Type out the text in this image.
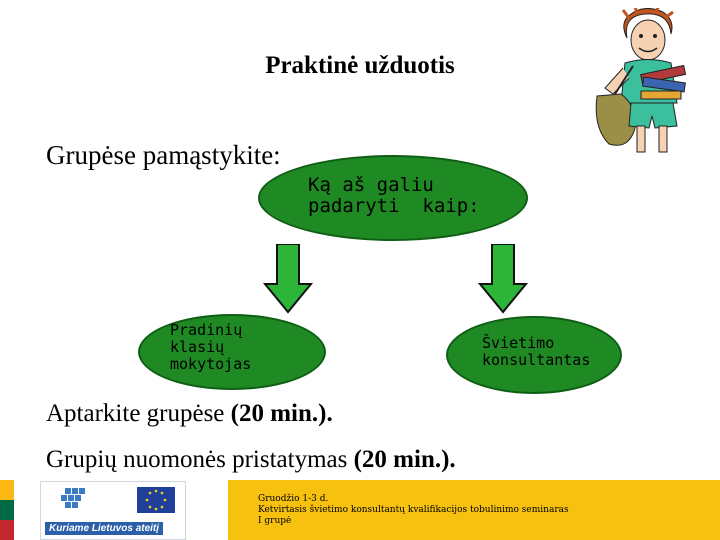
Praktinė užduotis
Grupėse pamąstykite:
Ką aš galiu
padaryti  kaip:
Pradinių
klasių
mokytojas
Švietimo
konsultantas
Aptarkite grupėse (20 min.).
Grupių nuomonės pristatymas (20 min.).
Kuriame Lietuvos ateitį
Gruodžio 1-3 d.
Ketvirtasis švietimo konsultantų kvalifikacijos tobulinimo seminaras
I grupė
